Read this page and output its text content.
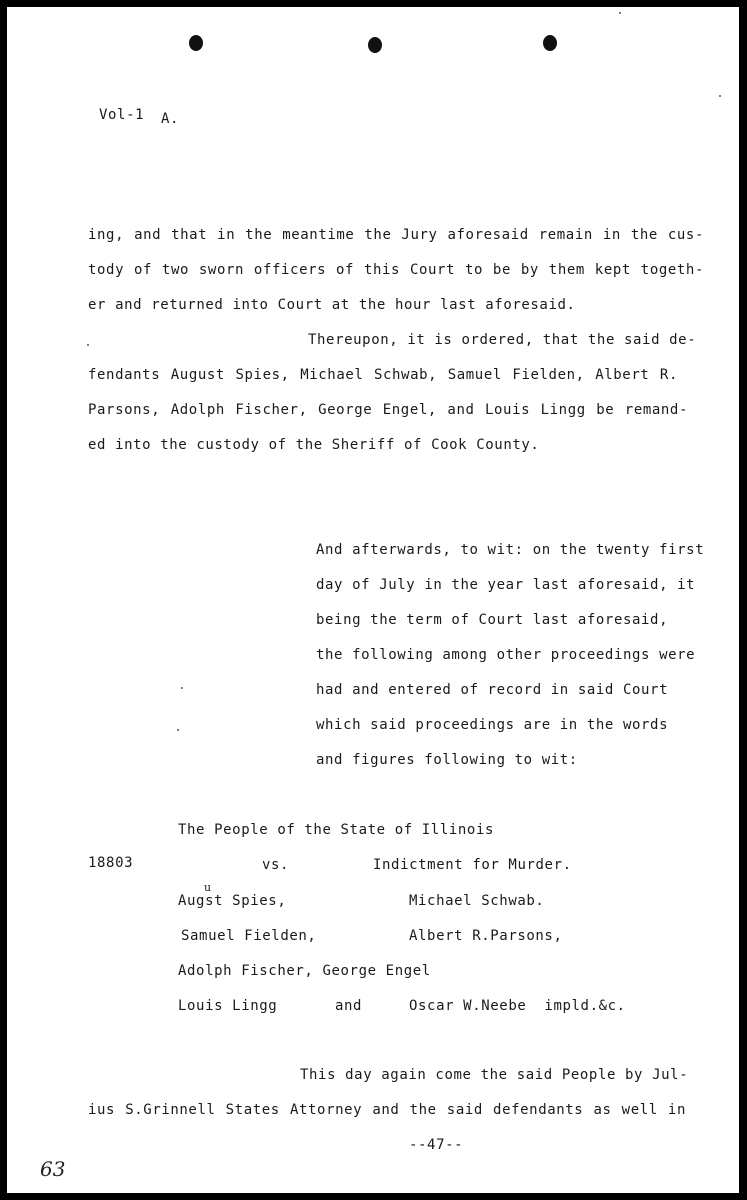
Vol-1 A.
ing, and that in the meantime the Jury aforesaid remain in the cus-
tody of two sworn officers of this Court to be by them kept togeth-
er and returned into Court at the hour last aforesaid.
Thereupon, it is ordered, that the said de-
fendants August Spies, Michael Schwab, Samuel Fielden, Albert R.
Parsons, Adolph Fischer, George Engel, and Louis Lingg be remand-
ed into the custody of the Sheriff of Cook County.
And afterwards, to wit: on the twenty first
day of July in the year last aforesaid, it
being the term of Court last aforesaid,
the following among other proceedings were
had and entered of record in said Court
which said proceedings are in the words
and figures following to wit:
The People of the State of Illinois
18803	vs.	Indictment for Murder.
u
Augst Spies,	Michael Schwab.
Samuel Fielden,	Albert R.Parsons,
Adolph Fischer, George Engel
Louis Lingg	and	Oscar W.Neebe  impld.&c.
This day again come the said People by Jul-
ius S.Grinnell States Attorney and the said defendants as well in
--47--
63
